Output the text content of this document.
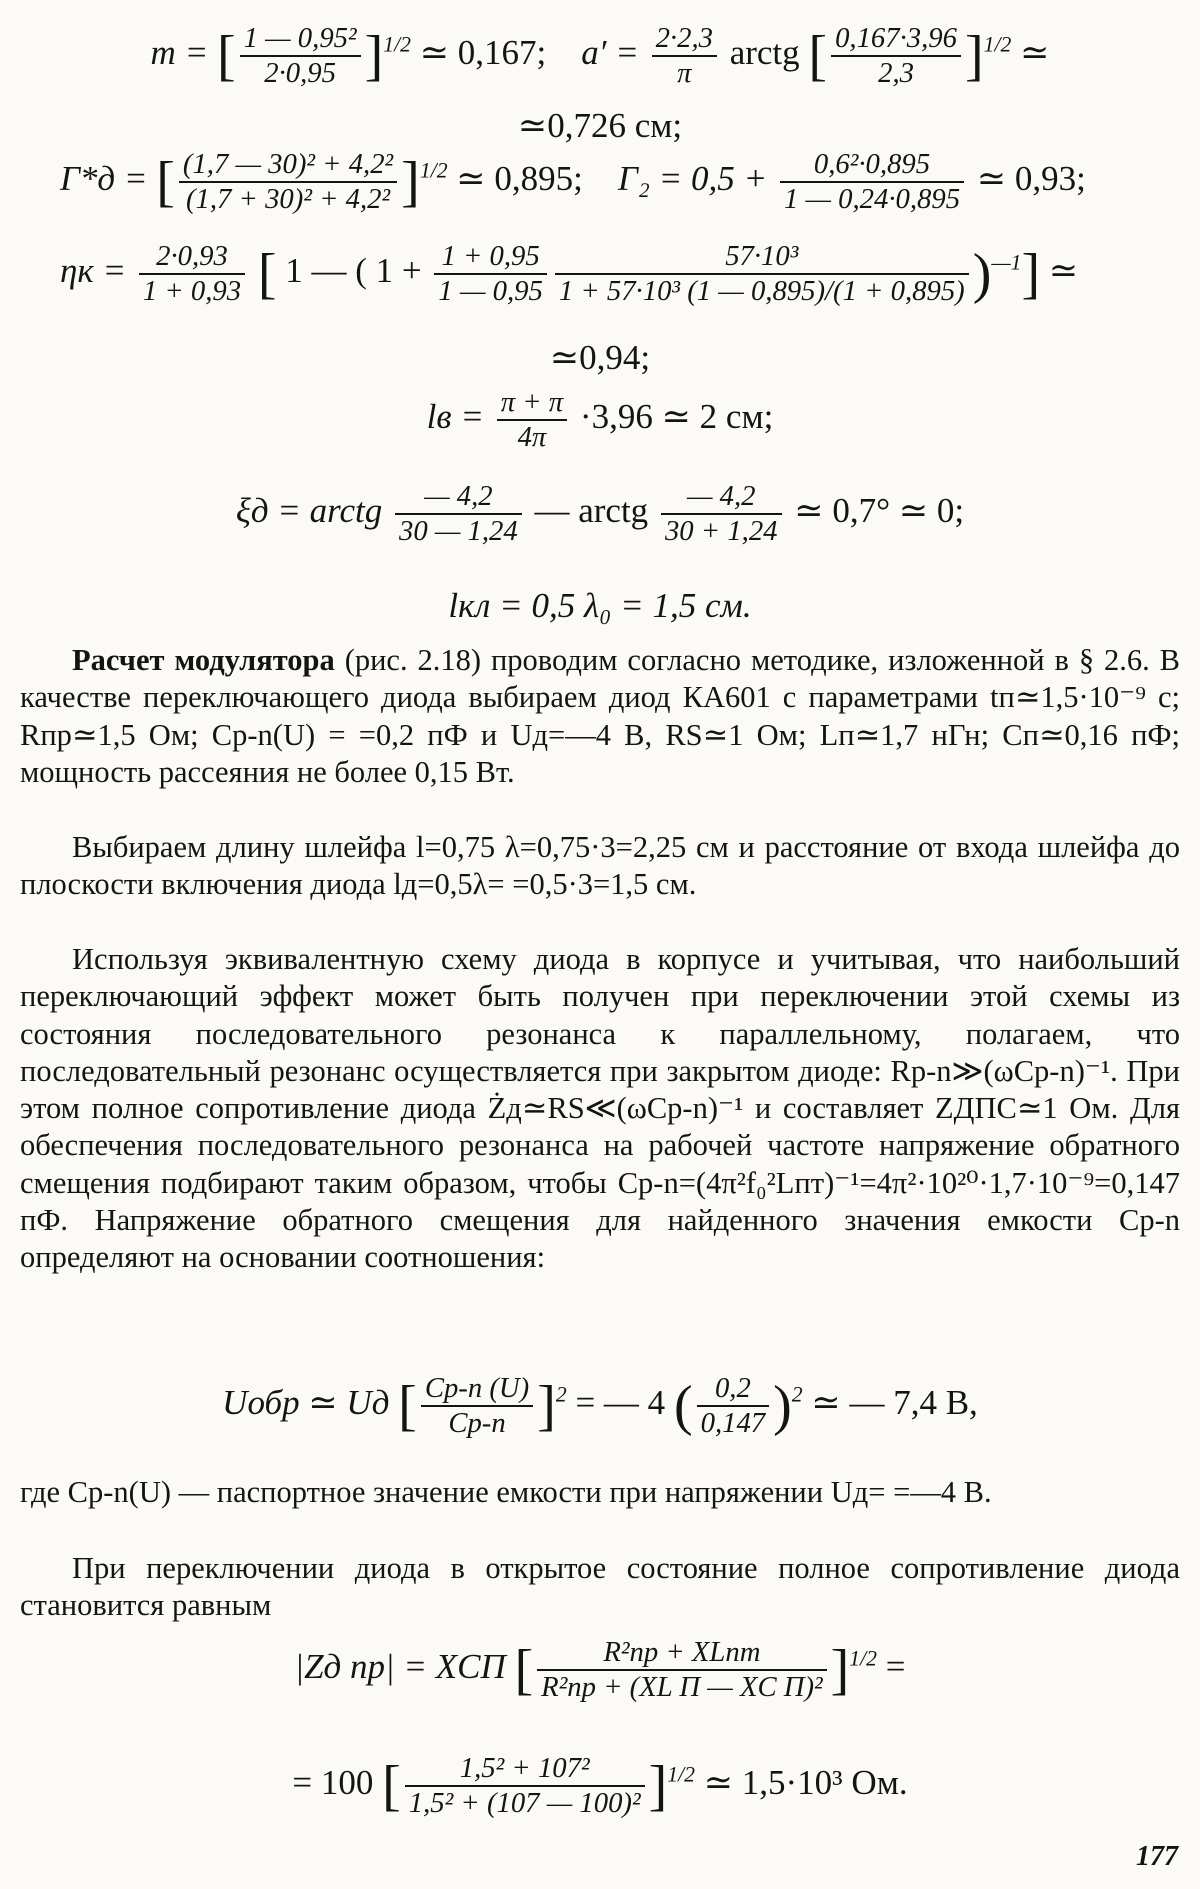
m = [ $\frac{\text{1 — 0,95²}}{2\cdot 0,95} ]^{1/2}$ ≃ 0,167; $a' = \frac{2\cdot 2,3}{\pi}$ arctg [ $\frac{0,167\cdot 3,96}{2,3} ]^{1/2}$ ≃
≃0,726 см;
Γ*д = [ $\frac{\text{(1,7 — 30)² + 4,2²}}{\text{(1,7 + 30)² + 4,2²}} ]^{1/2}$ ≃ 0,895; $\Gamma_2 = 0,5 + \frac{\text{0,6²·0,895}}{1 — 0,24\cdot 0,895}$ ≃ 0,93;
$\eta к = \frac{2\cdot 0,93}{1 + 0,93}$ [ 1 — ( $1 + \frac{1 + 0,95}{1 — 0,95} \frac{\text{57·10³}}{\text{1 + 57·10³ (1 — 0,895)/(1 + 0,895)}} )^{—1}$] ≃
≃0,94;
lв = $\frac{\pi + \pi}{4\pi} \cdot 3,96$ ≃ 2 см;
ξд = arctg $\frac{— 4,2}{30 — 1,24}$ — arctg $\frac{— 4,2}{30 + 1,24}$ ≃ 0,7° ≃ 0;
lкл = 0,5 λ₀ = 1,5 см.

Расчет модулятора (рис. 2.18) проводим согласно методике, изложенной в § 2.6. В качестве переключающего диода выбираем диод КА601 с параметрами tп≃1,5·10⁻⁹ с; Rпр≃1,5 Ом; Cp-n(U) = =0,2 пФ и Uд=—4 В, RS≃1 Ом; Lп≃1,7 нГн; Cп≃0,16 пФ; мощность рассеяния не более 0,15 Вт.

Выбираем длину шлейфа l=0,75 λ=0,75·3=2,25 см и расстояние от входа шлейфа до плоскости включения диода lд=0,5λ= =0,5·3=1,5 см.

Используя эквивалентную схему диода в корпусе и учитывая, что наибольший переключающий эффект может быть получен при переключении этой схемы из состояния последовательного резонанса к параллельному, полагаем, что последовательный резонанс осуществляется при закрытом диоде: Rp-n≫(ωCp-n)⁻¹. При этом полное сопротивление диода Żд≃RS≪(ωCp-n)⁻¹ и составляет ZДПС≃1 Ом. Для обеспечения последовательного резонанса на рабочей частоте напряжение обратного смещения подбирают таким образом, чтобы Cp-n=(4π²f₀²Lпт)⁻¹=4π²·10²⁰·1,7·10⁻⁹=0,147 пФ. Напряжение обратного смещения для найденного значения емкости Cp-n определяют на основании соотношения:

Uобр ≃ Uд [ $\frac{Cp-n (U)}{Cp-n} ]^2$ = — 4 ( $\frac{0,2}{0,147} )^2$ ≃ — 7,4 В,

где Cp-n(U) — паспортное значение емкости при напряжении Uд= =—4 В.

При переключении диода в открытое состояние полное сопротивление диода становится равным

|Zд пр| = XСП [ $\frac{\text{R²пр + XLпт}}{\text{R²пр + (XL П — XC П)²}} ]^{1/2}$ =
= 100 [ $\frac{\text{1,5² + 107²}}{\text{1,5² + (107 — 100)²}} ]^{1/2}$ ≃ 1,5·10³ Ом.
177
